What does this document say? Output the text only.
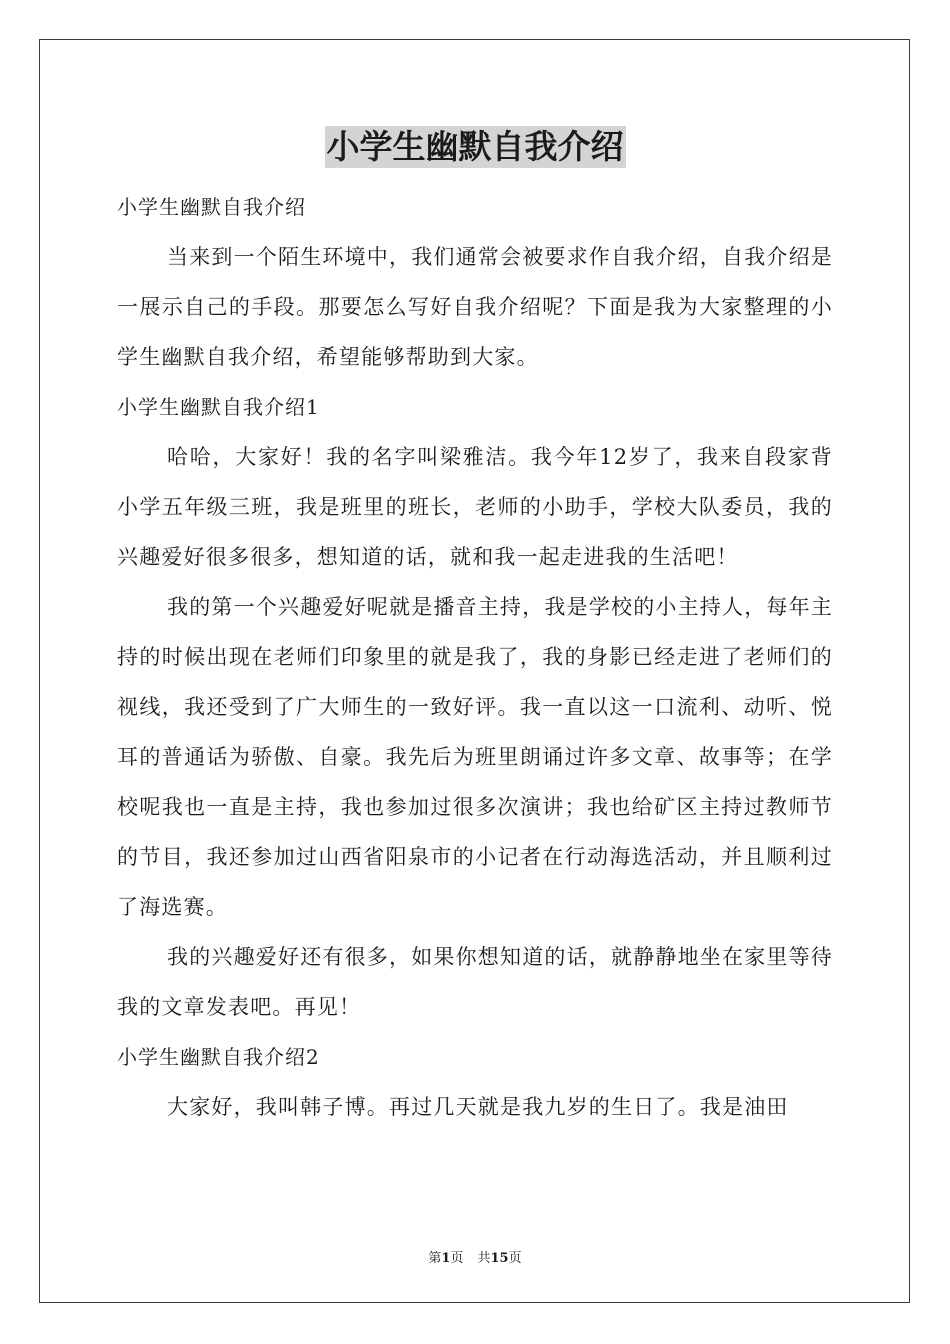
小学生幽默自我介绍
小学生幽默自我介绍

当来到一个陌生环境中，我们通常会被要求作自我介绍，自我介绍是一展示自己的手段。那要怎么写好自我介绍呢？下面是我为大家整理的小学生幽默自我介绍，希望能够帮助到大家。

小学生幽默自我介绍1

哈哈，大家好！我的名字叫梁雅洁。我今年12岁了，我来自段家背小学五年级三班，我是班里的班长，老师的小助手，学校大队委员，我的兴趣爱好很多很多，想知道的话，就和我一起走进我的生活吧！

我的第一个兴趣爱好呢就是播音主持，我是学校的小主持人，每年主持的时候出现在老师们印象里的就是我了，我的身影已经走进了老师们的视线，我还受到了广大师生的一致好评。我一直以这一口流利、动听、悦耳的普通话为骄傲、自豪。我先后为班里朗诵过许多文章、故事等；在学校呢我也一直是主持，我也参加过很多次演讲；我也给矿区主持过教师节的节目，我还参加过山西省阳泉市的小记者在行动海选活动，并且顺利过了海选赛。

我的兴趣爱好还有很多，如果你想知道的话，就静静地坐在家里等待我的文章发表吧。再见！

小学生幽默自我介绍2

大家好，我叫韩子博。再过几天就是我九岁的生日了。我是油田

第1页 共15页
